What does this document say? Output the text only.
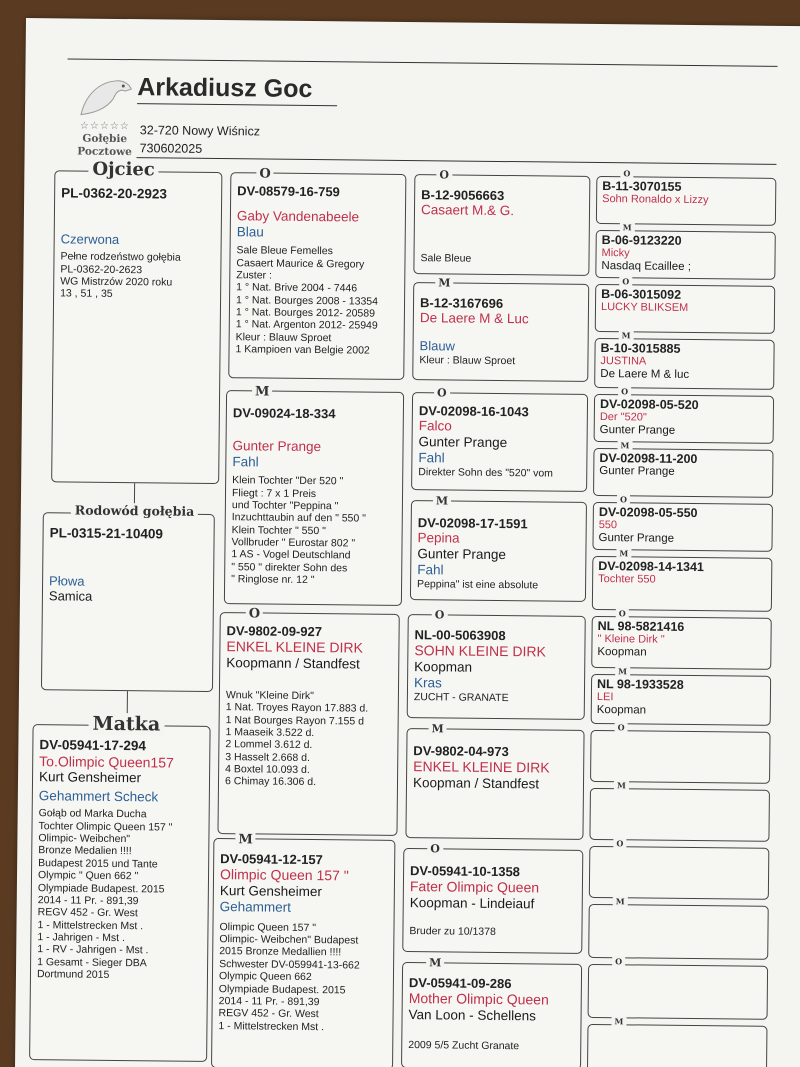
☆☆☆☆☆
Gołębie
Pocztowe
Arkadiusz Goc
32-720 Nowy Wiśnicz
730602025
Ojciec
PL-0362-20-2923
Czerwona
Pełne rodzeństwo gołębia
PL-0362-20-2623
WG Mistrzów 2020 roku
13 , 51 , 35
Rodowód gołębia
PL-0315-21-10409
Płowa
Samica
Matka
DV-05941-17-294
To.Olimpic Queen157
Kurt Gensheimer
Gehammert Scheck
Gołąb od Marka Ducha
Tochter Olimpic Queen 157 "
Olimpic- Weibchen"
Bronze Medalien !!!!
Budapest 2015 und Tante
Olympic " Quen 662 "
Olympiade Budapest. 2015
2014 - 11 Pr. - 891,39
REGV 452 - Gr. West
1 - Mittelstrecken Mst .
1 - Jahrigen - Mst .
1 - RV - Jahrigen - Mst .
1 Gesamt - Sieger DBA
Dortmund 2015
O
DV-08579-16-759
Gaby Vandenabeele
Blau
Sale Bleue Femelles
Casaert Maurice & Gregory
Zuster :
1 ° Nat. Brive 2004 - 7446
1 ° Nat. Bourges 2008 - 13354
1 ° Nat. Bourges 2012- 20589
1 ° Nat. Argenton 2012- 25949
Kleur : Blauw Sproet
1 Kampioen van Belgie 2002
M
DV-09024-18-334
Gunter Prange
Fahl
Klein Tochter "Der 520 "
Fliegt : 7 x 1 Preis
und Tochter "Peppina "
Inzuchttaubin auf den " 550 "
Klein Tochter " 550 "
Vollbruder " Eurostar 802 "
1 AS - Vogel Deutschland
" 550 " direkter Sohn des
" Ringlose nr. 12 "
O
DV-9802-09-927
ENKEL KLEINE DIRK
Koopmann / Standfest
Wnuk "Kleine Dirk"
1 Nat. Troyes Rayon 17.883 d.
1 Nat Bourges Rayon 7.155 d
1 Maaseik 3.522 d.
2 Lommel 3.612 d.
3 Hasselt 2.668 d.
4 Boxtel 10.093 d.
6 Chimay 16.306 d.
M
DV-05941-12-157
Olimpic Queen 157 "
Kurt Gensheimer
Gehammert
Olimpic Queen 157 "
Olimpic- Weibchen" Budapest
2015 Bronze Medallien !!!!
Schwester DV-059941-13-662
Olympic Queen 662
Olympiade Budapest. 2015
2014 - 11 Pr. - 891,39
REGV 452 - Gr. West
1 - Mittelstrecken Mst .
O
B-12-9056663
Casaert M.& G.
Sale Bleue
M
B-12-3167696
De Laere M & Luc
Blauw
Kleur : Blauw Sproet
O
DV-02098-16-1043
Falco
Gunter Prange
Fahl
Direkter Sohn des "520" vom
M
DV-02098-17-1591
Pepina
Gunter Prange
Fahl
Peppina" ist eine absolute
O
NL-00-5063908
SOHN KLEINE DIRK
Koopman
Kras
ZUCHT - GRANATE
M
DV-9802-04-973
ENKEL KLEINE DIRK
Koopman / Standfest
O
DV-05941-10-1358
Fater Olimpic Queen
Koopman - Lindeiauf
Bruder zu 10/1378
M
DV-05941-09-286
Mother Olimpic Queen
Van Loon - Schellens
2009 5/5 Zucht Granate
O
B-11-3070155
Sohn Ronaldo x Lizzy
M
B-06-9123220
Micky
Nasdaq Ecaillee ;
O
B-06-3015092
LUCKY BLIKSEM
M
B-10-3015885
JUSTINA
De Laere M & luc
O
DV-02098-05-520
Der "520"
Gunter Prange
M
DV-02098-11-200
Gunter Prange
O
DV-02098-05-550
550
Gunter Prange
M
DV-02098-14-1341
Tochter 550
O
NL 98-5821416
" Kleine Dirk "
Koopman
M
NL 98-1933528
LEI
Koopman
O
M
O
M
O
M
